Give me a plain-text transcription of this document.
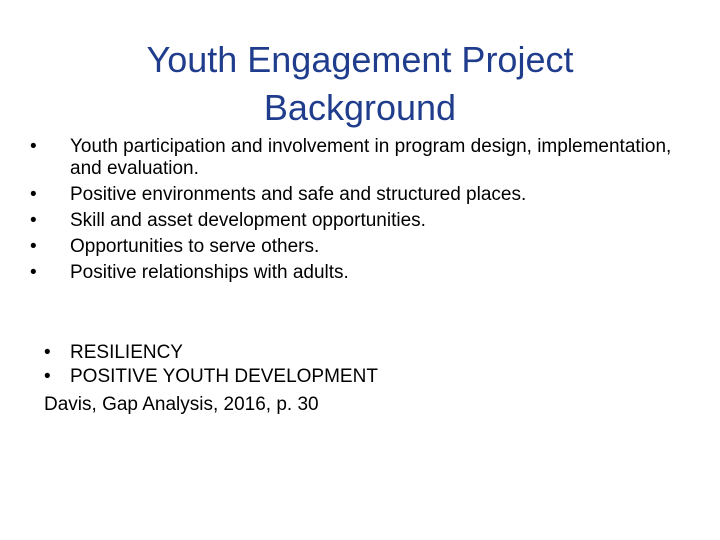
Youth Engagement Project Background
•	Youth participation and involvement in program design, implementation, and evaluation.
•	Positive environments and safe and structured places.
•	Skill and asset development opportunities.
•	Opportunities to serve others.
•	Positive relationships with adults.
• RESILIENCY
• POSITIVE YOUTH DEVELOPMENT

Davis, Gap Analysis, 2016, p. 30
